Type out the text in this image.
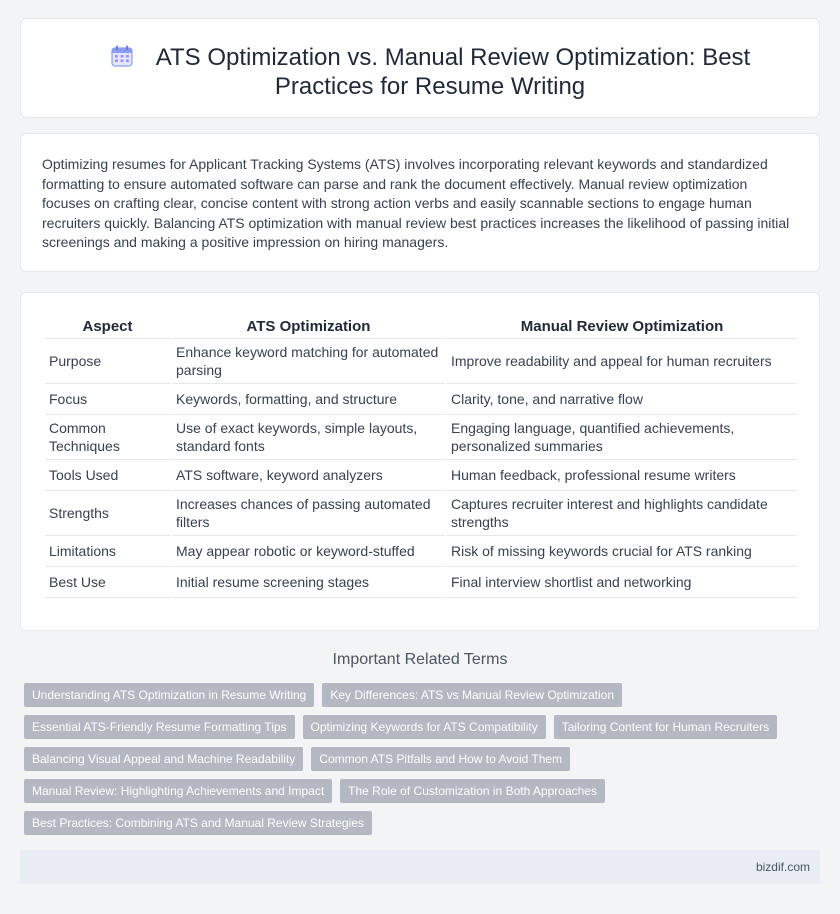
ATS Optimization vs. Manual Review Optimization: Best Practices for Resume Writing

Optimizing resumes for Applicant Tracking Systems (ATS) involves incorporating relevant keywords and standardized formatting to ensure automated software can parse and rank the document effectively. Manual review optimization focuses on crafting clear, concise content with strong action verbs and easily scannable sections to engage human recruiters quickly. Balancing ATS optimization with manual review best practices increases the likelihood of passing initial screenings and making a positive impression on hiring managers.

Aspect	ATS Optimization	Manual Review Optimization
Purpose	Enhance keyword matching for automated parsing	Improve readability and appeal for human recruiters
Focus	Keywords, formatting, and structure	Clarity, tone, and narrative flow
Common Techniques	Use of exact keywords, simple layouts, standard fonts	Engaging language, quantified achievements, personalized summaries
Tools Used	ATS software, keyword analyzers	Human feedback, professional resume writers
Strengths	Increases chances of passing automated filters	Captures recruiter interest and highlights candidate strengths
Limitations	May appear robotic or keyword-stuffed	Risk of missing keywords crucial for ATS ranking
Best Use	Initial resume screening stages	Final interview shortlist and networking
Important Related Terms
Understanding ATS Optimization in Resume Writing	Key Differences: ATS vs Manual Review Optimization
Essential ATS-Friendly Resume Formatting Tips	Optimizing Keywords for ATS Compatibility	Tailoring Content for Human Recruiters
Balancing Visual Appeal and Machine Readability	Common ATS Pitfalls and How to Avoid Them
Manual Review: Highlighting Achievements and Impact	The Role of Customization in Both Approaches
Best Practices: Combining ATS and Manual Review Strategies
bizdif.com
